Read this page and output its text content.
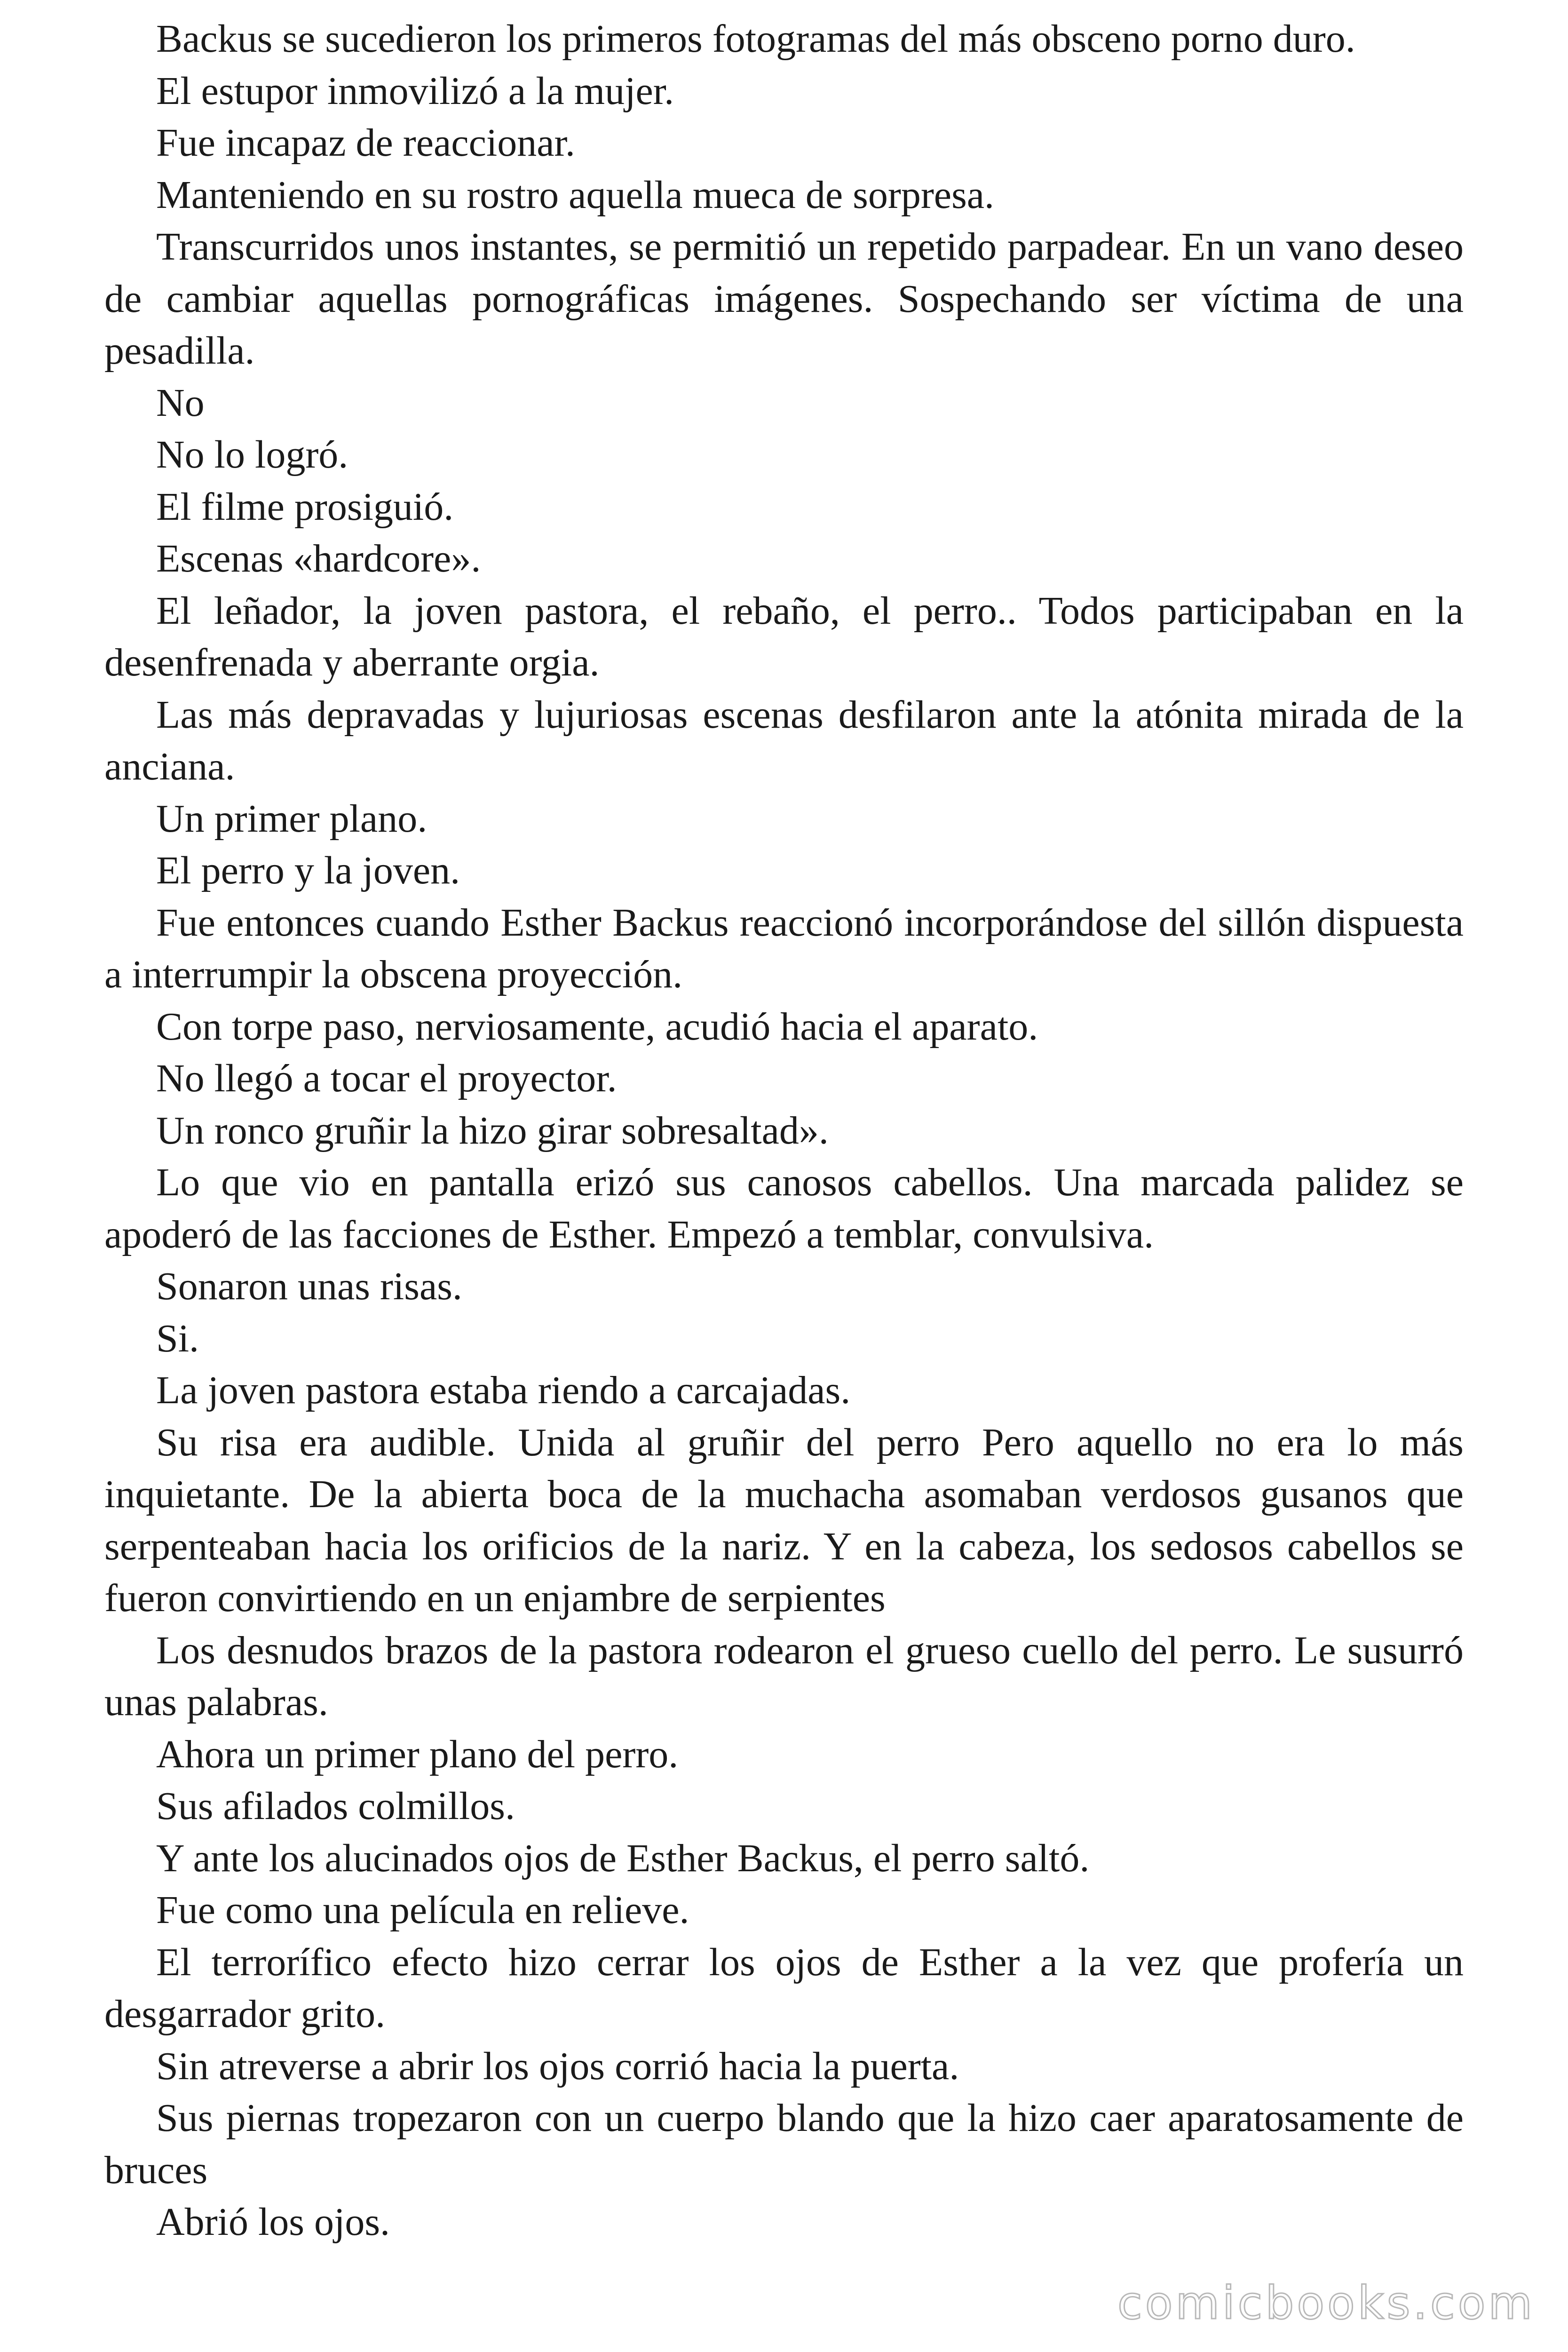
Backus se sucedieron los primeros fotogramas del más obsceno porno duro.

El estupor inmovilizó a la mujer.

Fue incapaz de reaccionar.

Manteniendo en su rostro aquella mueca de sorpresa.

Transcurridos unos instantes, se permitió un repetido parpadear. En un vano deseo de cambiar aquellas pornográficas imágenes. Sospechando ser víctima de una pesadilla.

No

No lo logró.

El filme prosiguió.

Escenas «hardcore».

El leñador, la joven pastora, el rebaño, el perro.. Todos participaban en la desenfrenada y aberrante orgia.

Las más depravadas y lujuriosas escenas desfilaron ante la atónita mirada de la anciana.

Un primer plano.

El perro y la joven.

Fue entonces cuando Esther Backus reaccionó incorporándose del sillón dispuesta a interrumpir la obscena proyección.

Con torpe paso, nerviosamente, acudió hacia el aparato.

No llegó a tocar el proyector.

Un ronco gruñir la hizo girar sobresaltad».

Lo que vio en pantalla erizó sus canosos cabellos. Una marcada palidez se apoderó de las facciones de Esther. Empezó a temblar, convulsiva.

Sonaron unas risas.

Si.

La joven pastora estaba riendo a carcajadas.

Su risa era audible. Unida al gruñir del perro Pero aquello no era lo más inquietante. De la abierta boca de la muchacha asomaban verdosos gusanos que serpenteaban hacia los orificios de la nariz. Y en la cabeza, los sedosos cabellos se fueron convirtiendo en un enjambre de serpientes

Los desnudos brazos de la pastora rodearon el grueso cuello del perro. Le susurró unas palabras.

Ahora un primer plano del perro.

Sus afilados colmillos.

Y ante los alucinados ojos de Esther Backus, el perro saltó.

Fue como una película en relieve.

El terrorífico efecto hizo cerrar los ojos de Esther a la vez que profería un desgarrador grito.

Sin atreverse a abrir los ojos corrió hacia la puerta.

Sus piernas tropezaron con un cuerpo blando que la hizo caer aparatosamente de bruces

Abrió los ojos.

comicbooks.com
